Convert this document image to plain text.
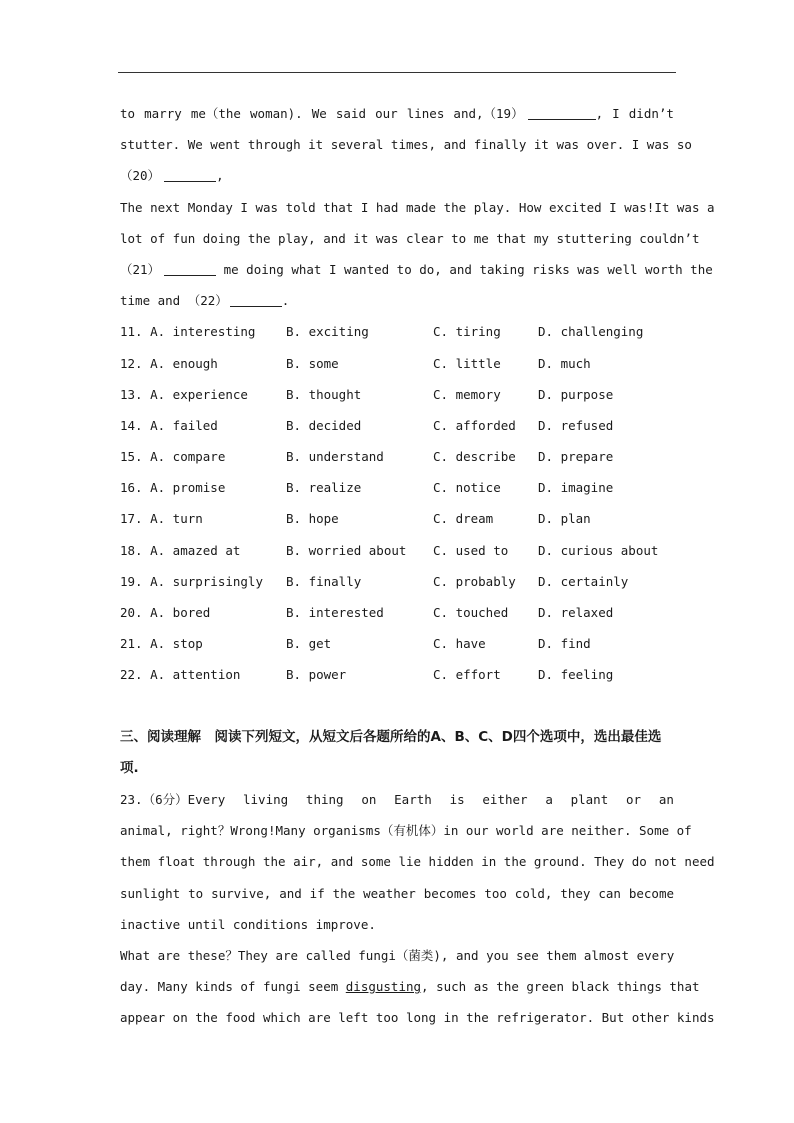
to marry me（the woman). We said our lines and,（19）	, I didn’t
stutter. We went through it several times, and finally it was over. I was so
（20）	,
The next Monday I was told that I had made the play. How excited I was!It was a
lot of fun doing the play, and it was clear to me that my stuttering couldn’t
（21）	me doing what I wanted to do, and taking risks was well worth the
time and （22）	.
11. A. interesting B. exciting	C. tiring	D. challenging
12. A. enough	B. some	C. little	D. much
13. A. experience	B. thought	C. memory	D. purpose
14. A. failed	B. decided	C. afforded D. refused
15. A. compare	B. understand	C. describe D. prepare
16. A. promise	B. realize	C. notice	D. imagine
17. A. turn	B. hope	C. dream	D. plan
18. A. amazed at	B. worried about C. used to D. curious about
19. A. surprisingly B. finally	C. probably D. certainly
20. A. bored	B. interested	C. touched D. relaxed
21. A. stop	B. get	C. have	D. find
22. A. attention	B. power	C. effort	D. feeling
三、阅读理解　阅读下列短文，从短文后各题所给的A、B、C、D四个选项中，选出最佳选
项.
23.（6分）Every living thing on Earth is either a plant or an
animal, right？Wrong!Many organisms（有机体）in our world are neither. Some of
them float through the air, and some lie hidden in the ground. They do not need
sunlight to survive, and if the weather becomes too cold, they can become
inactive until conditions improve.
What are these？They are called fungi（菌类), and you see them almost every
day. Many kinds of fungi seem disgusting, such as the green black things that
appear on the food which are left too long in the refrigerator. But other kinds
